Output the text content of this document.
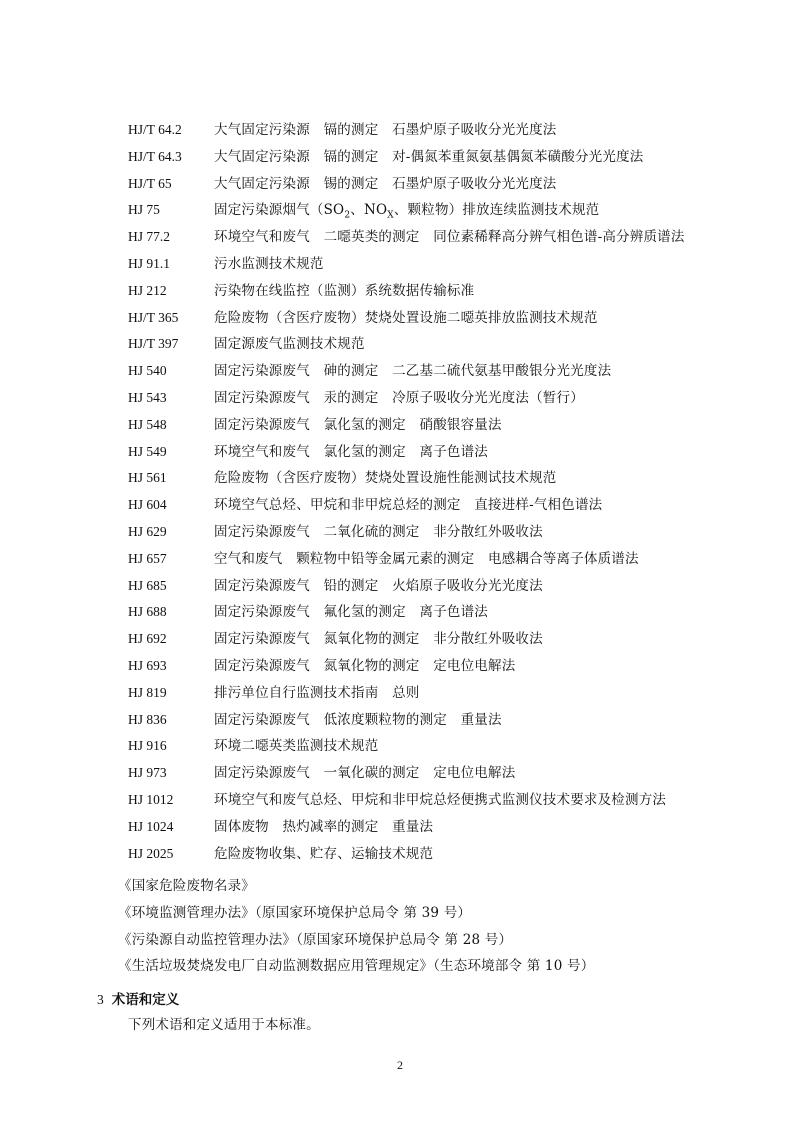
HJ/T 64.2	大气固定污染源　镉的测定　石墨炉原子吸收分光光度法
HJ/T 64.3	大气固定污染源　镉的测定　对-偶氮苯重氮氨基偶氮苯磺酸分光光度法
HJ/T 65	大气固定污染源　锡的测定　石墨炉原子吸收分光光度法
HJ 75	固定污染源烟气（$SO_2$、$NO_X$、颗粒物）排放连续监测技术规范
HJ 77.2	环境空气和废气　二噁英类的测定　同位素稀释高分辨气相色谱-高分辨质谱法
HJ 91.1	污水监测技术规范
HJ 212	污染物在线监控（监测）系统数据传输标准
HJ/T 365	危险废物（含医疗废物）焚烧处置设施二噁英排放监测技术规范
HJ/T 397	固定源废气监测技术规范
HJ 540	固定污染源废气　砷的测定　二乙基二硫代氨基甲酸银分光光度法
HJ 543	固定污染源废气　汞的测定　冷原子吸收分光光度法（暂行）
HJ 548	固定污染源废气　氯化氢的测定　硝酸银容量法
HJ 549	环境空气和废气　氯化氢的测定　离子色谱法
HJ 561	危险废物（含医疗废物）焚烧处置设施性能测试技术规范
HJ 604	环境空气总烃、甲烷和非甲烷总烃的测定　直接进样-气相色谱法
HJ 629	固定污染源废气　二氧化硫的测定　非分散红外吸收法
HJ 657	空气和废气　颗粒物中铅等金属元素的测定　电感耦合等离子体质谱法
HJ 685	固定污染源废气　铅的测定　火焰原子吸收分光光度法
HJ 688	固定污染源废气　氟化氢的测定　离子色谱法
HJ 692	固定污染源废气　氮氧化物的测定　非分散红外吸收法
HJ 693	固定污染源废气　氮氧化物的测定　定电位电解法
HJ 819	排污单位自行监测技术指南　总则
HJ 836	固定污染源废气　低浓度颗粒物的测定　重量法
HJ 916	环境二噁英类监测技术规范
HJ 973	固定污染源废气　一氧化碳的测定　定电位电解法
HJ 1012	环境空气和废气总烃、甲烷和非甲烷总烃便携式监测仪技术要求及检测方法
HJ 1024	固体废物　热灼减率的测定　重量法
HJ 2025	危险废物收集、贮存、运输技术规范
《国家危险废物名录》
《环境监测管理办法》（原国家环境保护总局令 第 39 号）
《污染源自动监控管理办法》（原国家环境保护总局令 第 28 号）
《生活垃圾焚烧发电厂自动监测数据应用管理规定》（生态环境部令 第 10 号）
3 术语和定义
下列术语和定义适用于本标准。
2
